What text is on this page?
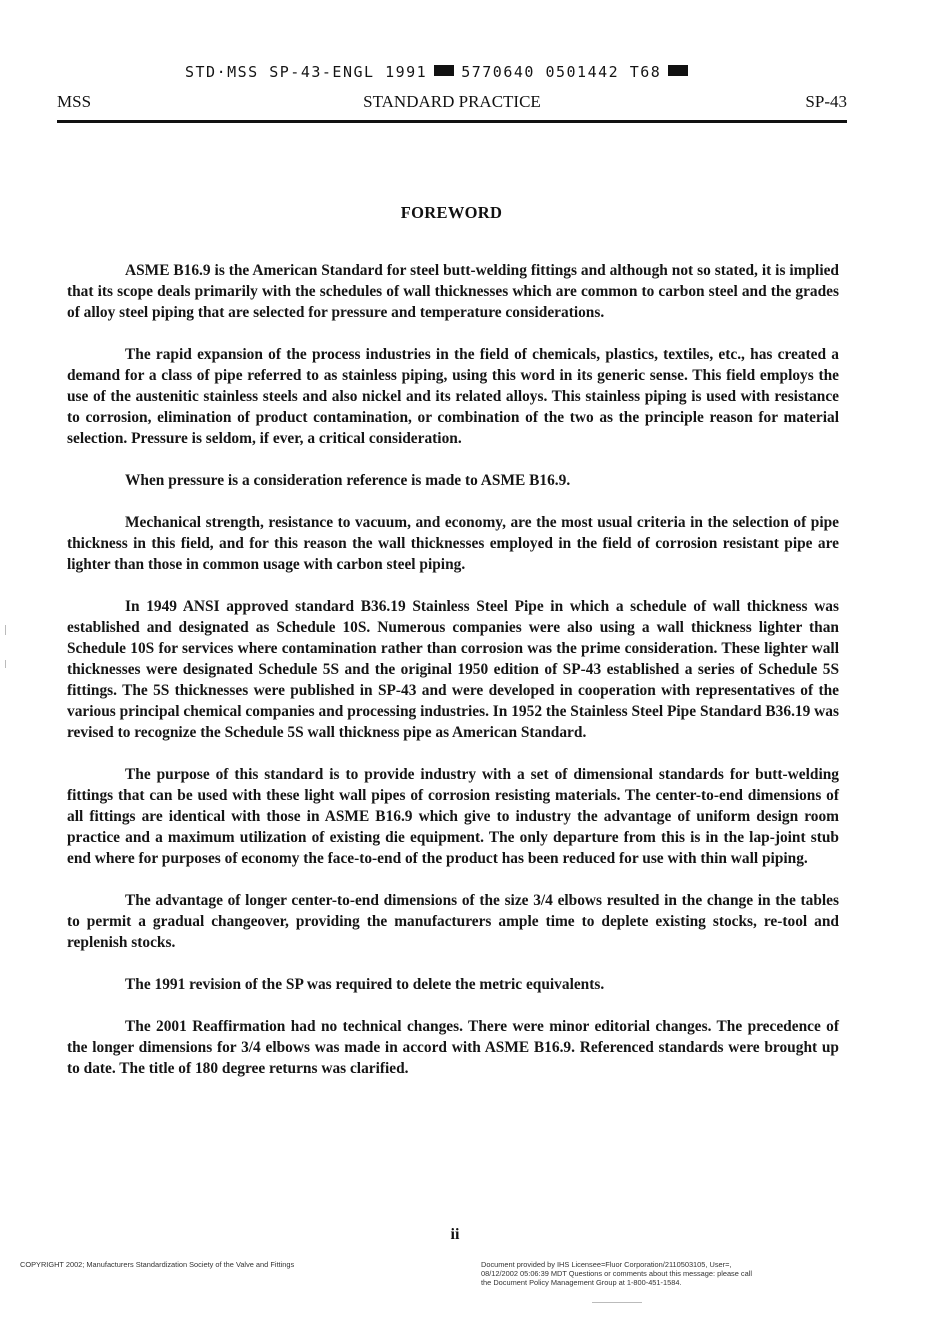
STD·MSS SP-43-ENGL 1991 5770640 0501442 T68
MSS	STANDARD PRACTICE	SP-43
FOREWORD

ASME B16.9 is the American Standard for steel butt-welding fittings and although not so stated, it is implied that its scope deals primarily with the schedules of wall thicknesses which are common to carbon steel and the grades of alloy steel piping that are selected for pressure and temperature considerations.

The rapid expansion of the process industries in the field of chemicals, plastics, textiles, etc., has created a demand for a class of pipe referred to as stainless piping, using this word in its generic sense. This field employs the use of the austenitic stainless steels and also nickel and its related alloys. This stainless piping is used with resistance to corrosion, elimination of product contamination, or combination of the two as the principle reason for material selection. Pressure is seldom, if ever, a critical consideration.

When pressure is a consideration reference is made to ASME B16.9.

Mechanical strength, resistance to vacuum, and economy, are the most usual criteria in the selection of pipe thickness in this field, and for this reason the wall thicknesses employed in the field of corrosion resistant pipe are lighter than those in common usage with carbon steel piping.

In 1949 ANSI approved standard B36.19 Stainless Steel Pipe in which a schedule of wall thickness was established and designated as Schedule 10S. Numerous companies were also using a wall thickness lighter than Schedule 10S for services where contamination rather than corrosion was the prime consideration. These lighter wall thicknesses were designated Schedule 5S and the original 1950 edition of SP-43 established a series of Schedule 5S fittings. The 5S thicknesses were published in SP-43 and were developed in cooperation with representatives of the various principal chemical companies and processing industries. In 1952 the Stainless Steel Pipe Standard B36.19 was revised to recognize the Schedule 5S wall thickness pipe as American Standard.

The purpose of this standard is to provide industry with a set of dimensional standards for butt-welding fittings that can be used with these light wall pipes of corrosion resisting materials. The center-to-end dimensions of all fittings are identical with those in ASME B16.9 which give to industry the advantage of uniform design room practice and a maximum utilization of existing die equipment. The only departure from this is in the lap-joint stub end where for purposes of economy the face-to-end of the product has been reduced for use with thin wall piping.

The advantage of longer center-to-end dimensions of the size 3/4 elbows resulted in the change in the tables to permit a gradual changeover, providing the manufacturers ample time to deplete existing stocks, re-tool and replenish stocks.

The 1991 revision of the SP was required to delete the metric equivalents.

The 2001 Reaffirmation had no technical changes. There were minor editorial changes. The precedence of the longer dimensions for 3/4 elbows was made in accord with ASME B16.9. Referenced standards were brought up to date. The title of 180 degree returns was clarified.

ii
COPYRIGHT 2002; Manufacturers Standardization Society of the Valve and Fittings	Document provided by IHS Licensee=Fluor Corporation/2110503105, User=,
08/12/2002 05:06:39 MDT Questions or comments about this message: please call
the Document Policy Management Group at 1-800-451-1584.
